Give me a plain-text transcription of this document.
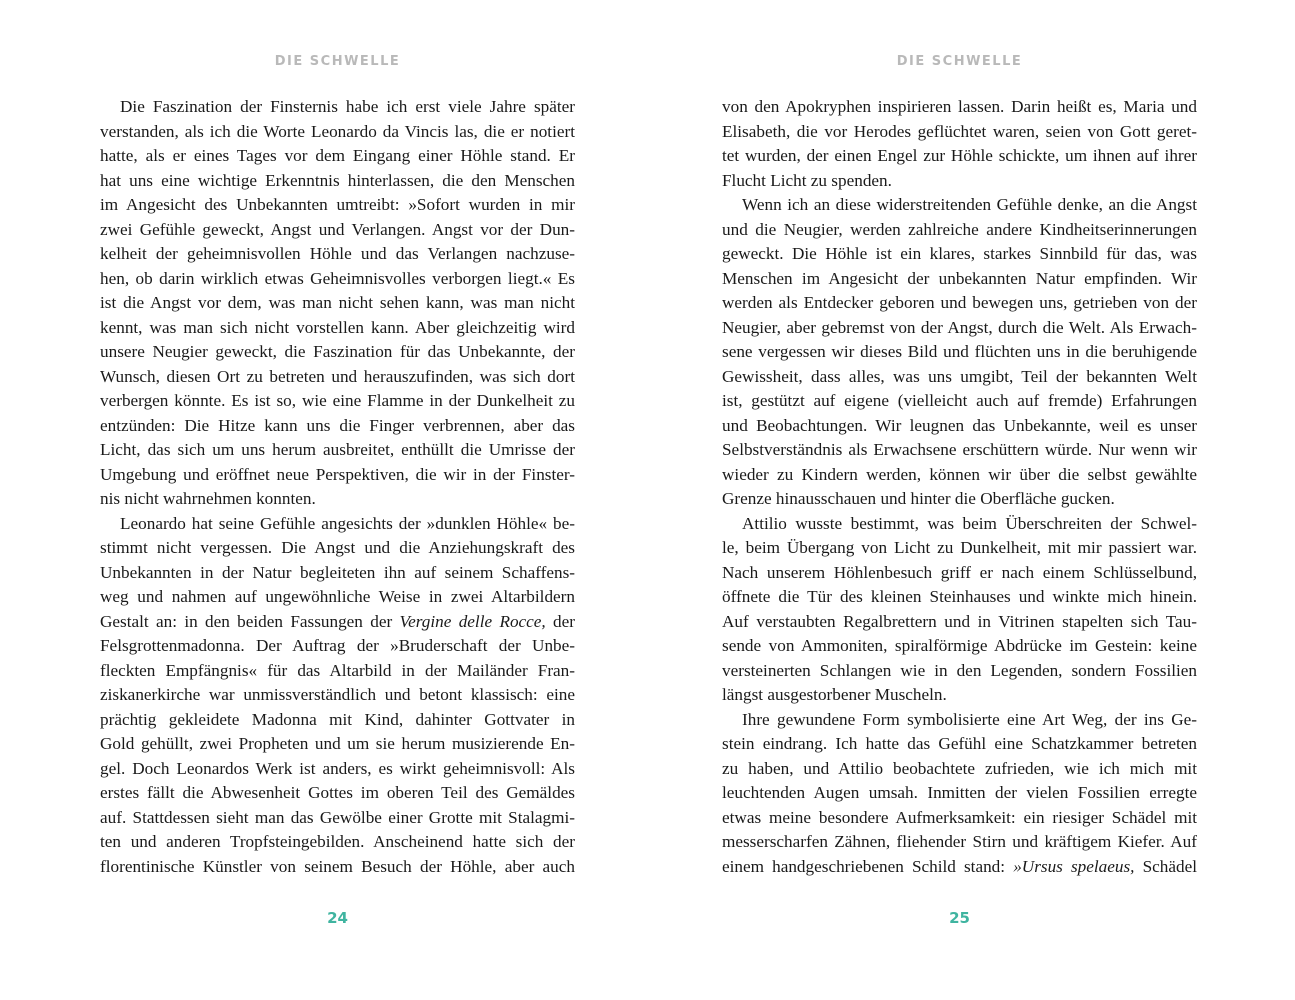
DIE SCHWELLE
Die Faszination der Finsternis habe ich erst viele Jahre später
verstanden, als ich die Worte Leonardo da Vincis las, die er notiert
hatte, als er eines Tages vor dem Eingang einer Höhle stand. Er
hat uns eine wichtige Erkenntnis hinterlassen, die den Menschen
im Angesicht des Unbekannten umtreibt: »Sofort wurden in mir
zwei Gefühle geweckt, Angst und Verlangen. Angst vor der Dun-
kelheit der geheimnisvollen Höhle und das Verlangen nachzuse-
hen, ob darin wirklich etwas Geheimnisvolles verborgen liegt.« Es
ist die Angst vor dem, was man nicht sehen kann, was man nicht
kennt, was man sich nicht vorstellen kann. Aber gleichzeitig wird
unsere Neugier geweckt, die Faszination für das Unbekannte, der
Wunsch, diesen Ort zu betreten und herauszufinden, was sich dort
verbergen könnte. Es ist so, wie eine Flamme in der Dunkelheit zu
entzünden: Die Hitze kann uns die Finger verbrennen, aber das
Licht, das sich um uns herum ausbreitet, enthüllt die Umrisse der
Umgebung und eröffnet neue Perspektiven, die wir in der Finster-
nis nicht wahrnehmen konnten.
Leonardo hat seine Gefühle angesichts der »dunklen Höhle« be-
stimmt nicht vergessen. Die Angst und die Anziehungskraft des
Unbekannten in der Natur begleiteten ihn auf seinem Schaffens-
weg und nahmen auf ungewöhnliche Weise in zwei Altarbildern
Gestalt an: in den beiden Fassungen der Vergine delle Rocce, der
Felsgrottenmadonna. Der Auftrag der »Bruderschaft der Unbe-
fleckten Empfängnis« für das Altarbild in der Mailänder Fran-
ziskanerkirche war unmissverständlich und betont klassisch: eine
prächtig gekleidete Madonna mit Kind, dahinter Gottvater in
Gold gehüllt, zwei Propheten und um sie herum musizierende En-
gel. Doch Leonardos Werk ist anders, es wirkt geheimnisvoll: Als
erstes fällt die Abwesenheit Gottes im oberen Teil des Gemäldes
auf. Stattdessen sieht man das Gewölbe einer Grotte mit Stalagmi-
ten und anderen Tropfsteingebilden. Anscheinend hatte sich der
florentinische Künstler von seinem Besuch der Höhle, aber auch
24
DIE SCHWELLE
von den Apokryphen inspirieren lassen. Darin heißt es, Maria und
Elisabeth, die vor Herodes geflüchtet waren, seien von Gott geret-
tet wurden, der einen Engel zur Höhle schickte, um ihnen auf ihrer
Flucht Licht zu spenden.
Wenn ich an diese widerstreitenden Gefühle denke, an die Angst
und die Neugier, werden zahlreiche andere Kindheitserinnerungen
geweckt. Die Höhle ist ein klares, starkes Sinnbild für das, was
Menschen im Angesicht der unbekannten Natur empfinden. Wir
werden als Entdecker geboren und bewegen uns, getrieben von der
Neugier, aber gebremst von der Angst, durch die Welt. Als Erwach-
sene vergessen wir dieses Bild und flüchten uns in die beruhigende
Gewissheit, dass alles, was uns umgibt, Teil der bekannten Welt
ist, gestützt auf eigene (vielleicht auch auf fremde) Erfahrungen
und Beobachtungen. Wir leugnen das Unbekannte, weil es unser
Selbstverständnis als Erwachsene erschüttern würde. Nur wenn wir
wieder zu Kindern werden, können wir über die selbst gewählte
Grenze hinausschauen und hinter die Oberfläche gucken.
Attilio wusste bestimmt, was beim Überschreiten der Schwel-
le, beim Übergang von Licht zu Dunkelheit, mit mir passiert war.
Nach unserem Höhlenbesuch griff er nach einem Schlüsselbund,
öffnete die Tür des kleinen Steinhauses und winkte mich hinein.
Auf verstaubten Regalbrettern und in Vitrinen stapelten sich Tau-
sende von Ammoniten, spiralförmige Abdrücke im Gestein: keine
versteinerten Schlangen wie in den Legenden, sondern Fossilien
längst ausgestorbener Muscheln.
Ihre gewundene Form symbolisierte eine Art Weg, der ins Ge-
stein eindrang. Ich hatte das Gefühl eine Schatzkammer betreten
zu haben, und Attilio beobachtete zufrieden, wie ich mich mit
leuchtenden Augen umsah. Inmitten der vielen Fossilien erregte
etwas meine besondere Aufmerksamkeit: ein riesiger Schädel mit
messerscharfen Zähnen, fliehender Stirn und kräftigem Kiefer. Auf
einem handgeschriebenen Schild stand: »Ursus spelaeus, Schädel
25
